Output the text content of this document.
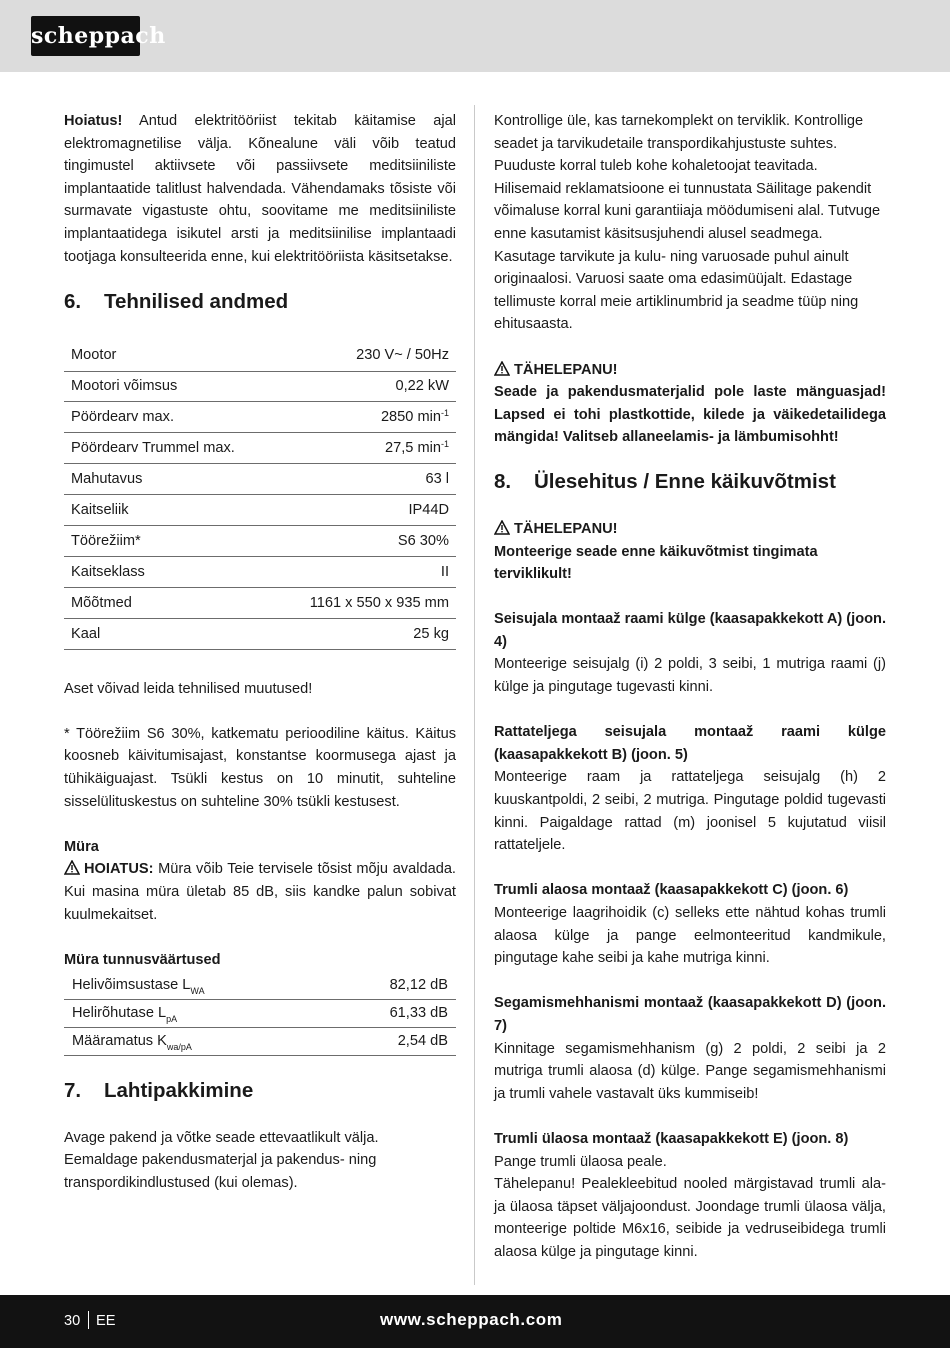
scheppach

Hoiatus! Antud elektritööriist tekitab käitamise ajal elektromagnetilise välja. Kõnealune väli võib teatud tingimustel aktiivsete või passiivsete meditsiiniliste implantaatide talitlust halvendada. Vähendamaks tõsiste või surmavate vigastuste ohtu, soovitame me meditsiiniliste implantaatidega isikutel arsti ja meditsiinilise implantaadi tootjaga konsulteerida enne, kui elektritööriista käsitsetakse.

6.	Tehnilised andmed
Mootor	230 V~ / 50Hz
Mootori võimsus	0,22 kW
Pöördearv max.	2850 $\min^{-1}$
Pöördearv Trummel max.	27,5 $\min^{-1}$
Mahutavus	63 l
Kaitseliik	IP44D
Töörežiim*	S6 30%
Kaitseklass	II
Mõõtmed	1161 x 550 x 935 mm
Kaal	25 kg

Aset võivad leida tehnilised muutused!

* Töörežiim S6 30%, katkematu perioodiline käitus. Käitus koosneb käivitumisajast, konstantse koormusega ajast ja tühikäiguajast. Tsükli kestus on 10 minutit, suhteline sisselülituskestus on suhteline 30% tsükli kestusest.

Müra

HOIATUS: Müra võib Teie tervisele tõsist mõju avaldada. Kui masina müra ületab 85 dB, siis kandke palun sobivat kuulmekaitset.

Müra tunnusväärtused

Helivõimsustase $L_{WA}$	82,12 dB
Helirõhutase $L_{pA}$	61,33 dB
Määramatus $K_{wa/pA}$	2,54 dB
7.	Lahtipakkimine

Avage pakend ja võtke seade ettevaatlikult välja. Eemaldage pakendusmaterjal ja pakendus- ning transpordikindlustused (kui olemas).

Kontrollige üle, kas tarnekomplekt on terviklik. Kontrollige seadet ja tarvikudetaile transpordikahjustuste suhtes. Puuduste korral tuleb kohe kohaletoojat teavitada. Hilisemaid reklamatsioone ei tunnustata Säilitage pakendit võimaluse korral kuni garantiiaja möödumiseni alal. Tutvuge enne kasutamist käsitsusjuhendi alusel seadmega. Kasutage tarvikute ja kulu- ning varuosade puhul ainult originaalosi. Varuosi saate oma edasimüüjalt. Edastage tellimuste korral meie artiklinumbrid ja seadme tüüp ning ehitusaasta.

TÄHELEPANU!

Seade ja pakendusmaterjalid pole laste mänguasjad! Lapsed ei tohi plastkottide, kilede ja väikedetailidega mängida! Valitseb allaneelamis- ja lämbumisohht!

8.	Ülesehitus / Enne käikuvõtmist

TÄHELEPANU!

Monteerige seade enne käikuvõtmist tingimata terviklikult!

Seisujala montaaž raami külge (kaasapakkekott A) (joon. 4)

Monteerige seisujalg (i) 2 poldi, 3 seibi, 1 mutriga raami (j) külge ja pingutage tugevasti kinni.

Rattateljega seisujala montaaž raami külge (kaasapakkekott B) (joon. 5)

Monteerige raam ja rattateljega seisujalg (h) 2 kuuskantpoldi, 2 seibi, 2 mutriga. Pingutage poldid tugevasti kinni. Paigaldage rattad (m) joonisel 5 kujutatud viisil rattateljele.

Trumli alaosa montaaž (kaasapakkekott C) (joon. 6)

Monteerige laagrihoidik (c) selleks ette nähtud kohas trumli alaosa külge ja pange eelmonteeritud kandmikule, pingutage kahe seibi ja kahe mutriga kinni.

Segamismehhanismi montaaž (kaasapakkekott D) (joon. 7)

Kinnitage segamismehhanism (g) 2 poldi, 2 seibi ja 2 mutriga trumli alaosa (d) külge. Pange segamismehhanismi ja trumli vahele vastavalt üks kummiseib!

Trumli ülaosa montaaž (kaasapakkekott E) (joon. 8)

Pange trumli ülaosa peale.
Tähelepanu! Pealekleebitud nooled märgistavad trumli ala- ja ülaosa täpset väljajoondust. Joondage trumli ülaosa välja, monteerige poltide M6x16, seibide ja vedruseibidega trumli alaosa külge ja pingutage kinni.

30 EE	www.scheppach.com
